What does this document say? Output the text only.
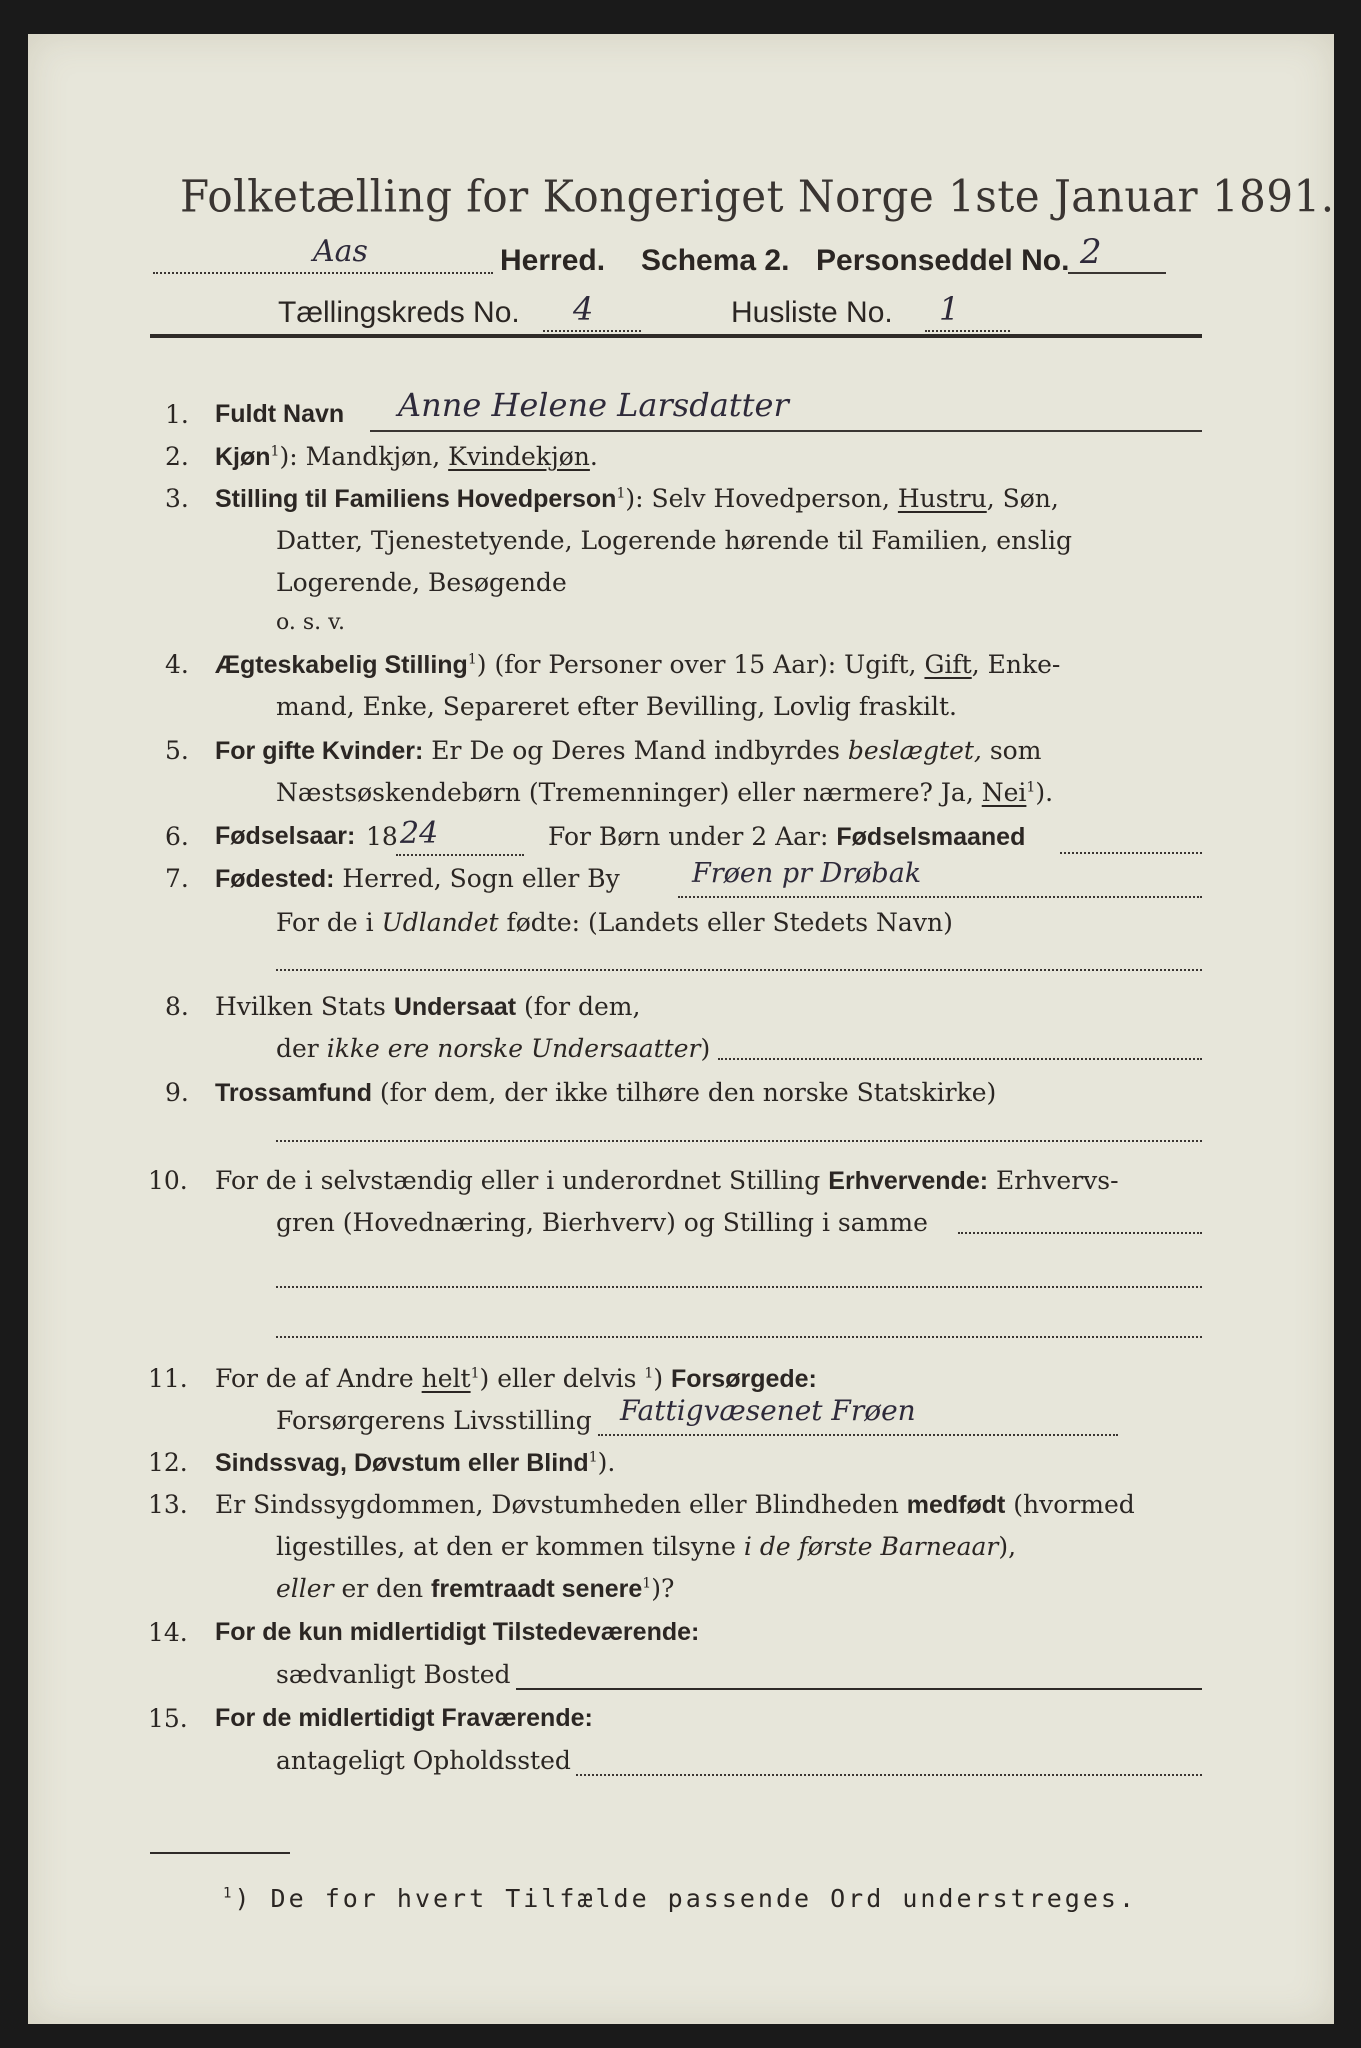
Folketælling for Kongeriget Norge 1ste Januar 1891.
Aas	Herred. Schema 2. Personseddel No. 2
Tællingskreds No. 4	Husliste No. 1
1. Fuldt Navn Anne Helene Larsdatter
2. Kjøn$^1$): Mandkjøn, Kvindekjøn.
3. Stilling til Familiens Hovedperson$^1$): Selv Hovedperson, Hustru, Søn,
Datter, Tjenestetyende, Logerende hørende til Familien, enslig
Logerende, Besøgende
o. s. v.
4. Ægteskabelig Stilling$^1$) (for Personer over 15 Aar): Ugift, Gift, Enke-
mand, Enke, Separeret efter Bevilling, Lovlig fraskilt.
5. For gifte Kvinder: Er De og Deres Mand indbyrdes beslægtet, som
Næstsøskendebørn (Tremenninger) eller nærmere? Ja, Nei$^1$).
6. Fødselsaar: 18 24	For Børn under 2 Aar: Fødselsmaaned
7. Fødested: Herred, Sogn eller By	Frøen pr Drøbak
For de i Udlandet fødte: (Landets eller Stedets Navn)
8. Hvilken Stats Undersaat (for dem,
der ikke ere norske Undersaatter)
9. Trossamfund (for dem, der ikke tilhøre den norske Statskirke)
10. For de i selvstændig eller i underordnet Stilling Erhvervende: Erhvervs-
gren (Hovednæring, Bierhverv) og Stilling i samme
11. For de af Andre helt$^1$) eller delvis $^1$) Forsørgede:
Forsørgerens Livsstilling Fattigvæsenet Frøen
12. Sindssvag, Døvstum eller Blind$^1$).
13. Er Sindssygdommen, Døvstumheden eller Blindheden medfødt (hvormed
ligestilles, at den er kommen tilsyne i de første Barneaar),
eller er den fremtraadt senere$^1$)?
14. For de kun midlertidigt Tilstedeværende:
sædvanligt Bosted
15. For de midlertidigt Fraværende:
antageligt Opholdssted
$^1$) De for hvert Tilfælde passende Ord understreges.
